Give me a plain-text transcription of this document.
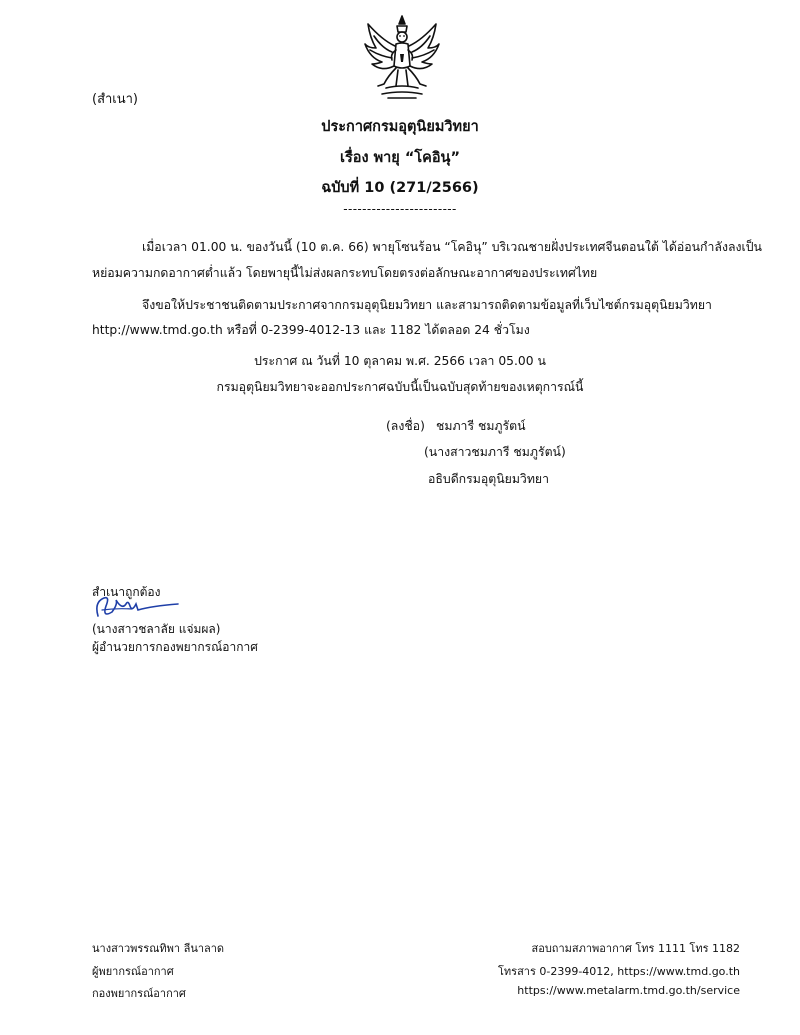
(สำเนา)
ประกาศกรมอุตุนิยมวิทยา
เรื่อง พายุ “โคอินุ”
ฉบับที่ 10 (271/2566)
------------------------
เมื่อเวลา 01.00 น. ของวันนี้ (10 ต.ค. 66) พายุโซนร้อน “โคอินุ” บริเวณชายฝั่งประเทศจีนตอนใต้ ได้อ่อนกำลังลงเป็น
หย่อมความกดอากาศต่ำแล้ว โดยพายุนี้ไม่ส่งผลกระทบโดยตรงต่อลักษณะอากาศของประเทศไทย
จึงขอให้ประชาชนติดตามประกาศจากกรมอุตุนิยมวิทยา และสามารถติดตามข้อมูลที่เว็บไซต์กรมอุตุนิยมวิทยา
http://www.tmd.go.th หรือที่ 0-2399-4012-13 และ 1182 ได้ตลอด 24 ชั่วโมง
ประกาศ ณ วันที่ 10 ตุลาคม พ.ศ. 2566 เวลา 05.00 น
กรมอุตุนิยมวิทยาจะออกประกาศฉบับนี้เป็นฉบับสุดท้ายของเหตุการณ์นี้
(ลงชื่อ) ชมภารี ชมภูรัตน์
(นางสาวชมภารี ชมภูรัตน์)
อธิบดีกรมอุตุนิยมวิทยา
สำเนาถูกต้อง
(นางสาวชลาลัย แจ่มผล)
ผู้อำนวยการกองพยากรณ์อากาศ
นางสาวพรรณทิพา ลีนาลาด
ผู้พยากรณ์อากาศ
กองพยากรณ์อากาศ
สอบถามสภาพอากาศ โทร 1111 โทร 1182
โทรสาร 0-2399-4012, https://www.tmd.go.th
https://www.metalarm.tmd.go.th/service
